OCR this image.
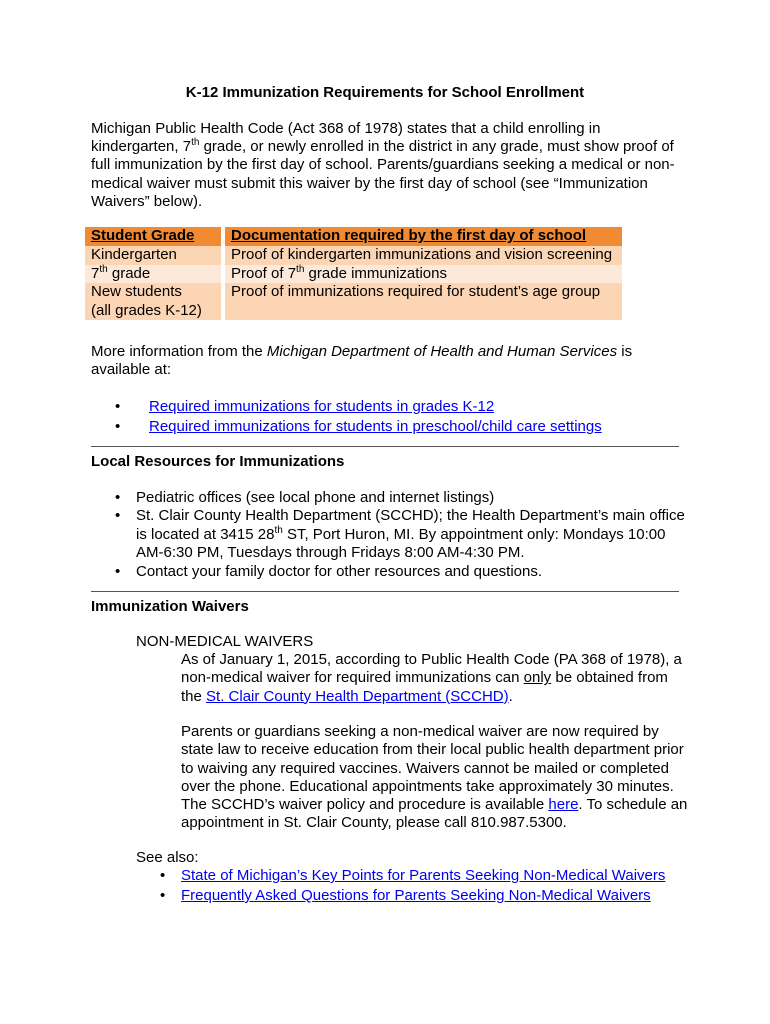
K-12 Immunization Requirements for School Enrollment
Michigan Public Health Code (Act 368 of 1978) states that a child enrolling in kindergarten, 7th grade, or newly enrolled in the district in any grade, must show proof of full immunization by the first day of school. Parents/guardians seeking a medical or non-medical waiver must submit this waiver by the first day of school (see “Immunization Waivers” below).
Student Grade	Documentation required by the first day of school
Kindergarten	Proof of kindergarten immunizations and vision screening
7th grade	Proof of 7th grade immunizations
New students
(all grades K-12)	Proof of immunizations required for student’s age group
More information from the Michigan Department of Health and Human Services is available at:
• Required immunizations for students in grades K-12
• Required immunizations for students in preschool/child care settings
Local Resources for Immunizations
• Pediatric offices (see local phone and internet listings)
• St. Clair County Health Department (SCCHD); the Health Department’s main office is located at 3415 28th ST, Port Huron, MI. By appointment only: Mondays 10:00 AM-6:30 PM, Tuesdays through Fridays 8:00 AM-4:30 PM.
• Contact your family doctor for other resources and questions.
Immunization Waivers
NON-MEDICAL WAIVERS
As of January 1, 2015, according to Public Health Code (PA 368 of 1978), a non-medical waiver for required immunizations can only be obtained from the St. Clair County Health Department (SCCHD).
Parents or guardians seeking a non-medical waiver are now required by state law to receive education from their local public health department prior to waiving any required vaccines. Waivers cannot be mailed or completed over the phone. Educational appointments take approximately 30 minutes. The SCCHD’s waiver policy and procedure is available here. To schedule an appointment in St. Clair County, please call 810.987.5300.
See also:
• State of Michigan’s Key Points for Parents Seeking Non-Medical Waivers
• Frequently Asked Questions for Parents Seeking Non-Medical Waivers
